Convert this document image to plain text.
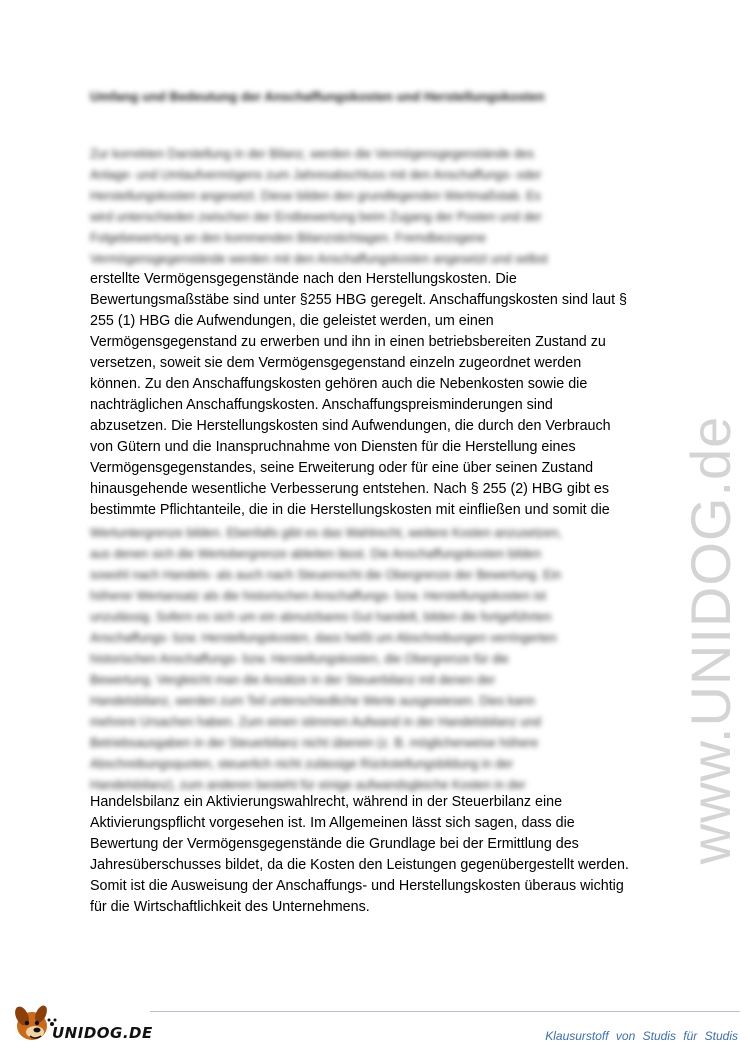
Umfang und Bedeutung der Anschaffungskosten und Herstellungskosten
Zur korrekten Darstellung in der Bilanz, werden die Vermögensgegenstände des
Anlage- und Umlaufvermögens zum Jahresabschluss mit den Anschaffungs- oder
Herstellungskosten angesetzt. Diese bilden den grundlegenden Wertmaßstab. Es
wird unterschieden zwischen der Erstbewertung beim Zugang der Posten und der
Folgebewertung an den kommenden Bilanzstichtagen. Fremdbezogene
Vermögensgegenstände werden mit den Anschaffungskosten angesetzt und selbst
erstellte Vermögensgegenstände nach den Herstellungskosten. Die
Bewertungsmaßstäbe sind unter §255 HBG geregelt. Anschaffungskosten sind laut §
255 (1) HBG die Aufwendungen, die geleistet werden, um einen
Vermögensgegenstand zu erwerben und ihn in einen betriebsbereiten Zustand zu
versetzen, soweit sie dem Vermögensgegenstand einzeln zugeordnet werden
können. Zu den Anschaffungskosten gehören auch die Nebenkosten sowie die
nachträglichen Anschaffungskosten. Anschaffungspreisminderungen sind
abzusetzen. Die Herstellungskosten sind Aufwendungen, die durch den Verbrauch
von Gütern und die Inanspruchnahme von Diensten für die Herstellung eines
Vermögensgegenstandes, seine Erweiterung oder für eine über seinen Zustand
hinausgehende wesentliche Verbesserung entstehen. Nach § 255 (2) HBG gibt es
bestimmte Pflichtanteile, die in die Herstellungskosten mit einfließen und somit die
Wertuntergrenze bilden. Ebenfalls gibt es das Wahlrecht, weitere Kosten anzusetzen,
aus denen sich die Wertobergrenze ableiten lässt. Die Anschaffungskosten bilden
sowohl nach Handels- als auch nach Steuerrecht die Obergrenze der Bewertung. Ein
höherer Wertansatz als die historischen Anschaffungs- bzw. Herstellungskosten ist
unzulässig. Sofern es sich um ein abnutzbares Gut handelt, bilden die fortgeführten
Anschaffungs- bzw. Herstellungskosten, dass heißt um Abschreibungen verringerten
historischen Anschaffungs- bzw. Herstellungskosten, die Obergrenze für die
Bewertung. Vergleicht man die Ansätze in der Steuerbilanz mit denen der
Handelsbilanz, werden zum Teil unterschiedliche Werte ausgewiesen. Dies kann
mehrere Ursachen haben. Zum einen stimmen Aufwand in der Handelsbilanz und
Betriebsausgaben in der Steuerbilanz nicht überein (z. B. möglicherweise höhere
Abschreibungsquoten, steuerlich nicht zulässige Rückstellungsbildung in der
Handelsbilanz), zum anderen besteht für einige aufwandsgleiche Kosten in der
Handelsbilanz ein Aktivierungswahlrecht, während in der Steuerbilanz eine
Aktivierungspflicht vorgesehen ist. Im Allgemeinen lässt sich sagen, dass die
Bewertung der Vermögensgegenstände die Grundlage bei der Ermittlung des
Jahresüberschusses bildet, da die Kosten den Leistungen gegenübergestellt werden.
Somit ist die Ausweisung der Anschaffungs- und Herstellungskosten überaus wichtig
für die Wirtschaftlichkeit des Unternehmens.
www.UNIDOG.de
UNIDOG.DE	Klausurstoff von Studis für Studis
